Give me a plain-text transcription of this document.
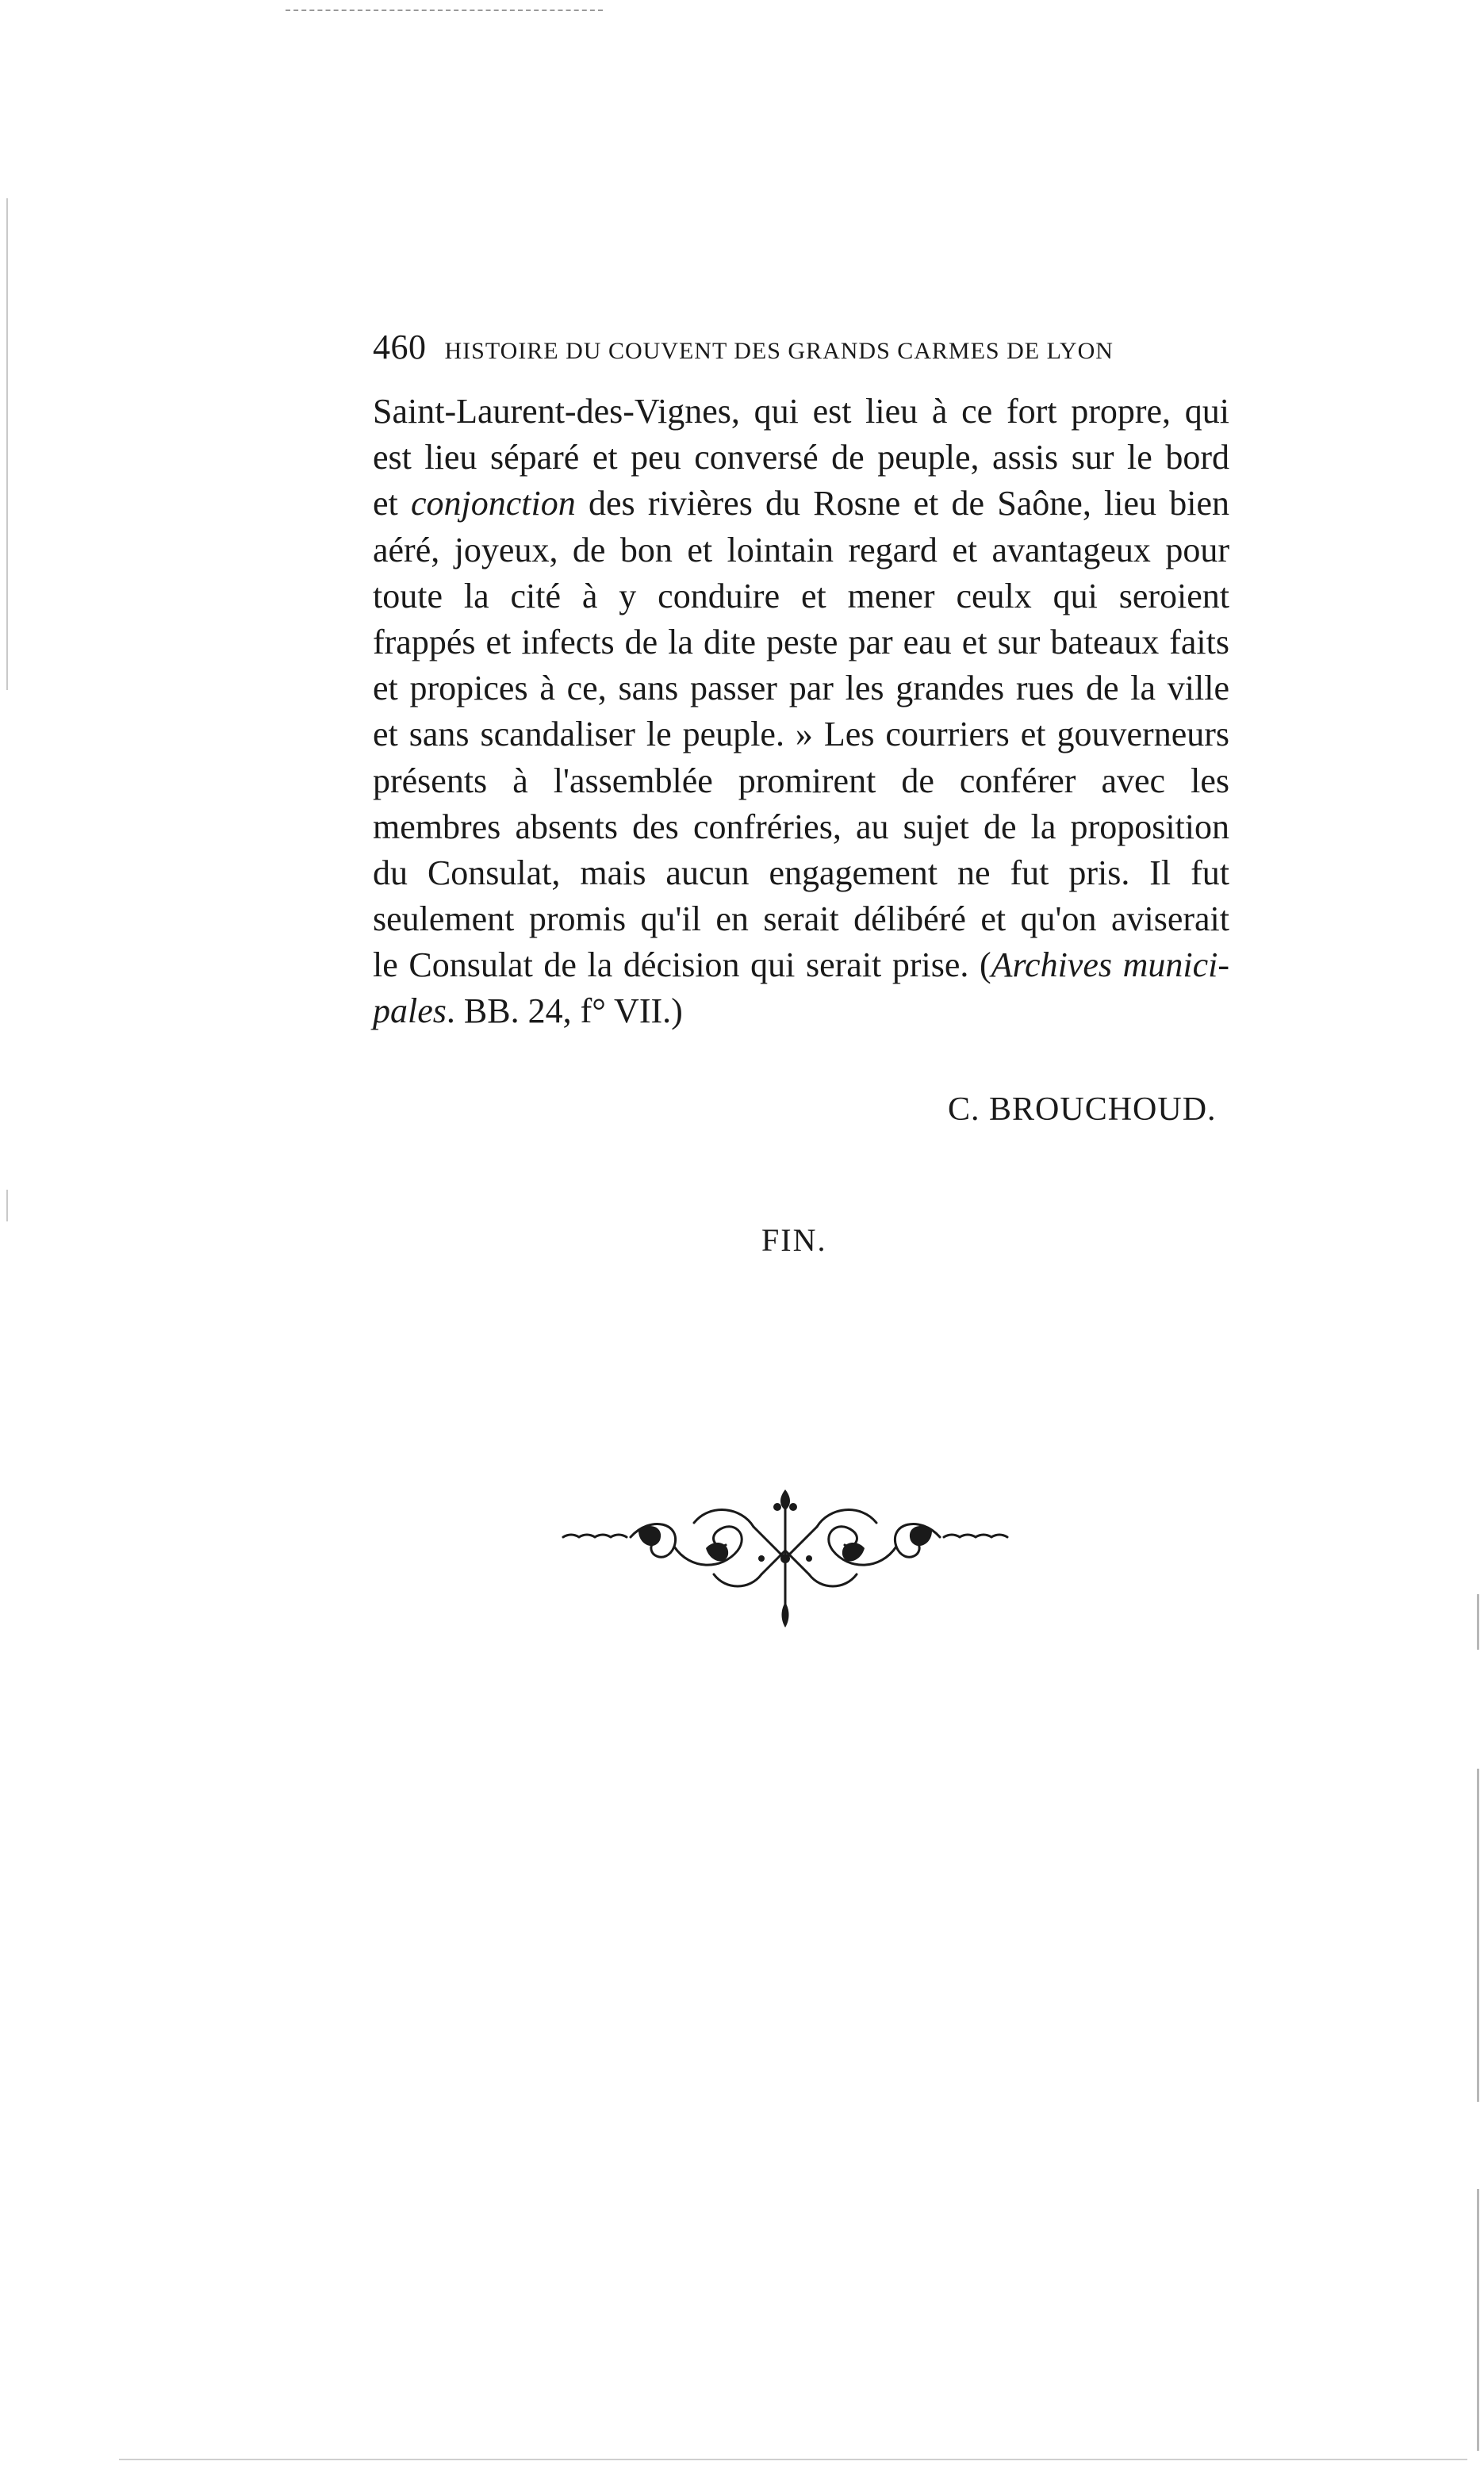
460 HISTOIRE DU COUVENT DES GRANDS CARMES DE LYON
Saint-Laurent-des-Vignes, qui est lieu à ce fort propre, qui
est lieu séparé et peu conversé de peuple, assis sur le bord
et conjonction des rivières du Rosne et de Saône, lieu bien
aéré, joyeux, de bon et lointain regard et avantageux pour
toute la cité à y conduire et mener ceulx qui seroient
frappés et infects de la dite peste par eau et sur bateaux faits
et propices à ce, sans passer par les grandes rues de la ville
et sans scandaliser le peuple. » Les courriers et gouverneurs
présents à l'assemblée promirent de conférer avec les
membres absents des confréries, au sujet de la proposition
du Consulat, mais aucun engagement ne fut pris. Il fut
seulement promis qu'il en serait délibéré et qu'on aviserait
le Consulat de la décision qui serait prise. (Archives munici-
pales. BB. 24, f° VII.)
C. BROUCHOUD.
FIN.
